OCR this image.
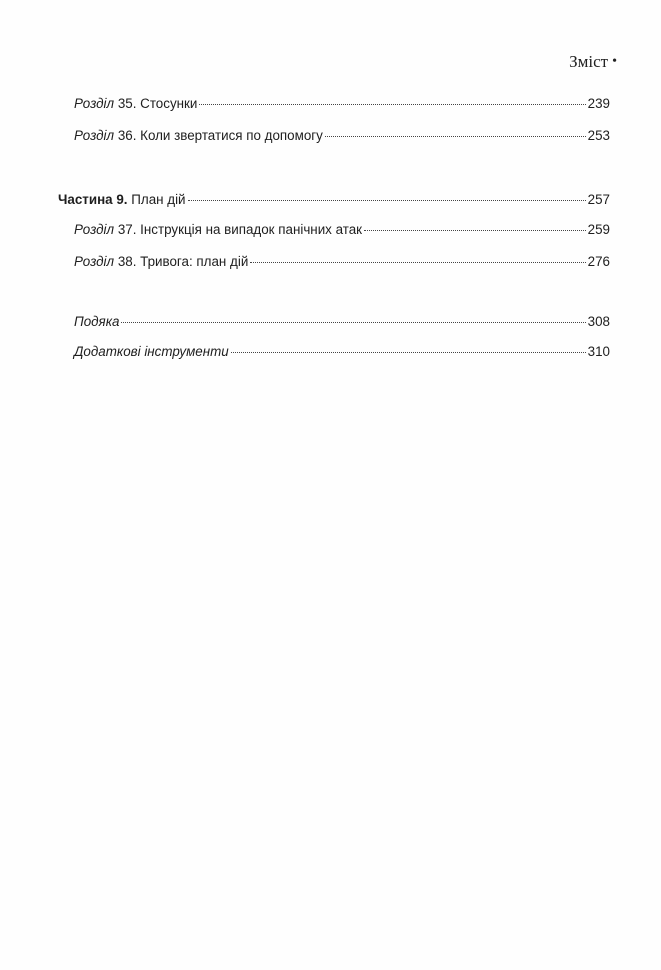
Зміст •
Розділ 35. Стосунки	239
Розділ 36. Коли звертатися по допомогу	253
Частина 9. План дій	257
Розділ 37. Інструкція на випадок панічних атак	259
Розділ 38. Тривога: план дій	276
Подяка	308
Додаткові інструменти	310
